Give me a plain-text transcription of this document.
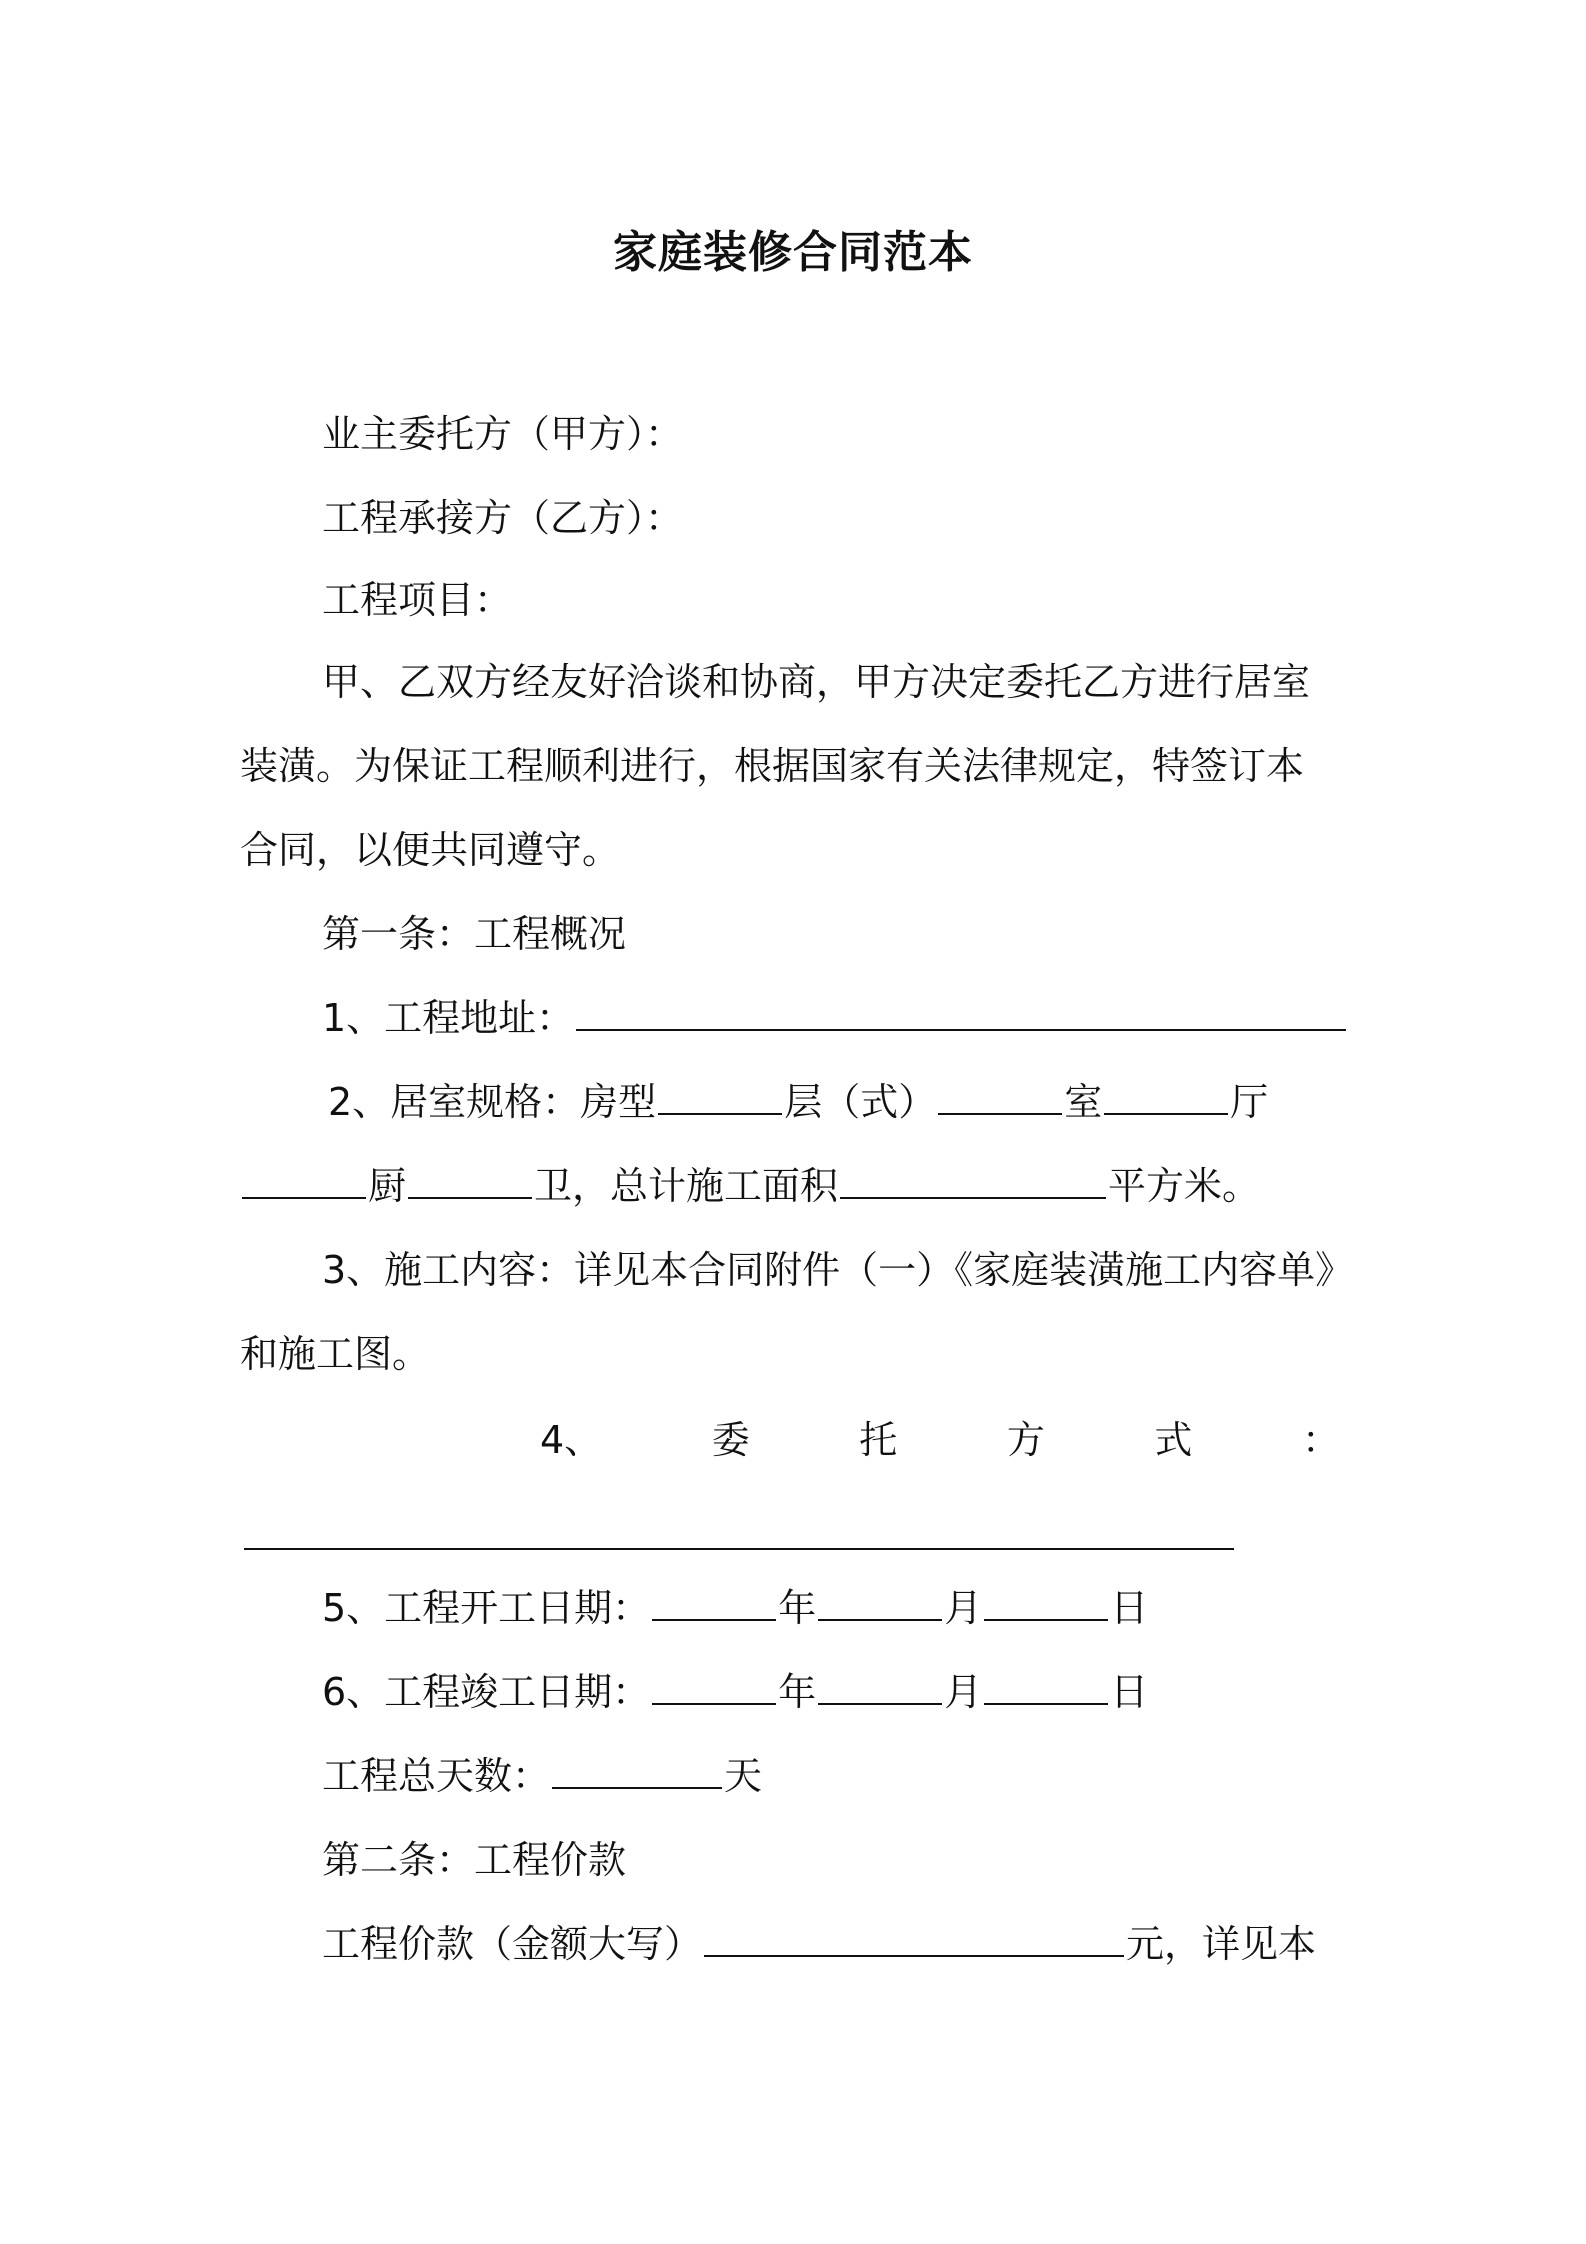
家庭装修合同范本
业主委托方（甲方）：
工程承接方（乙方）：
工程项目：
甲、乙双方经友好洽谈和协商，甲方决定委托乙方进行居室
装潢。为保证工程顺利进行，根据国家有关法律规定，特签订本
合同，以便共同遵守。
第一条：工程概况
1、工程地址：
2、居室规格：房型	层（式）	室	厅
厨	卫，总计施工面积	平方米。
3、施工内容：详见本合同附件（一）《家庭装潢施工内容单》
和施工图。
4、	委	托	方	式	：
5、工程开工日期：	年	月	日
6、工程竣工日期：	年	月	日
工程总天数：	天
第二条：工程价款
工程价款（金额大写）	元，详见本
